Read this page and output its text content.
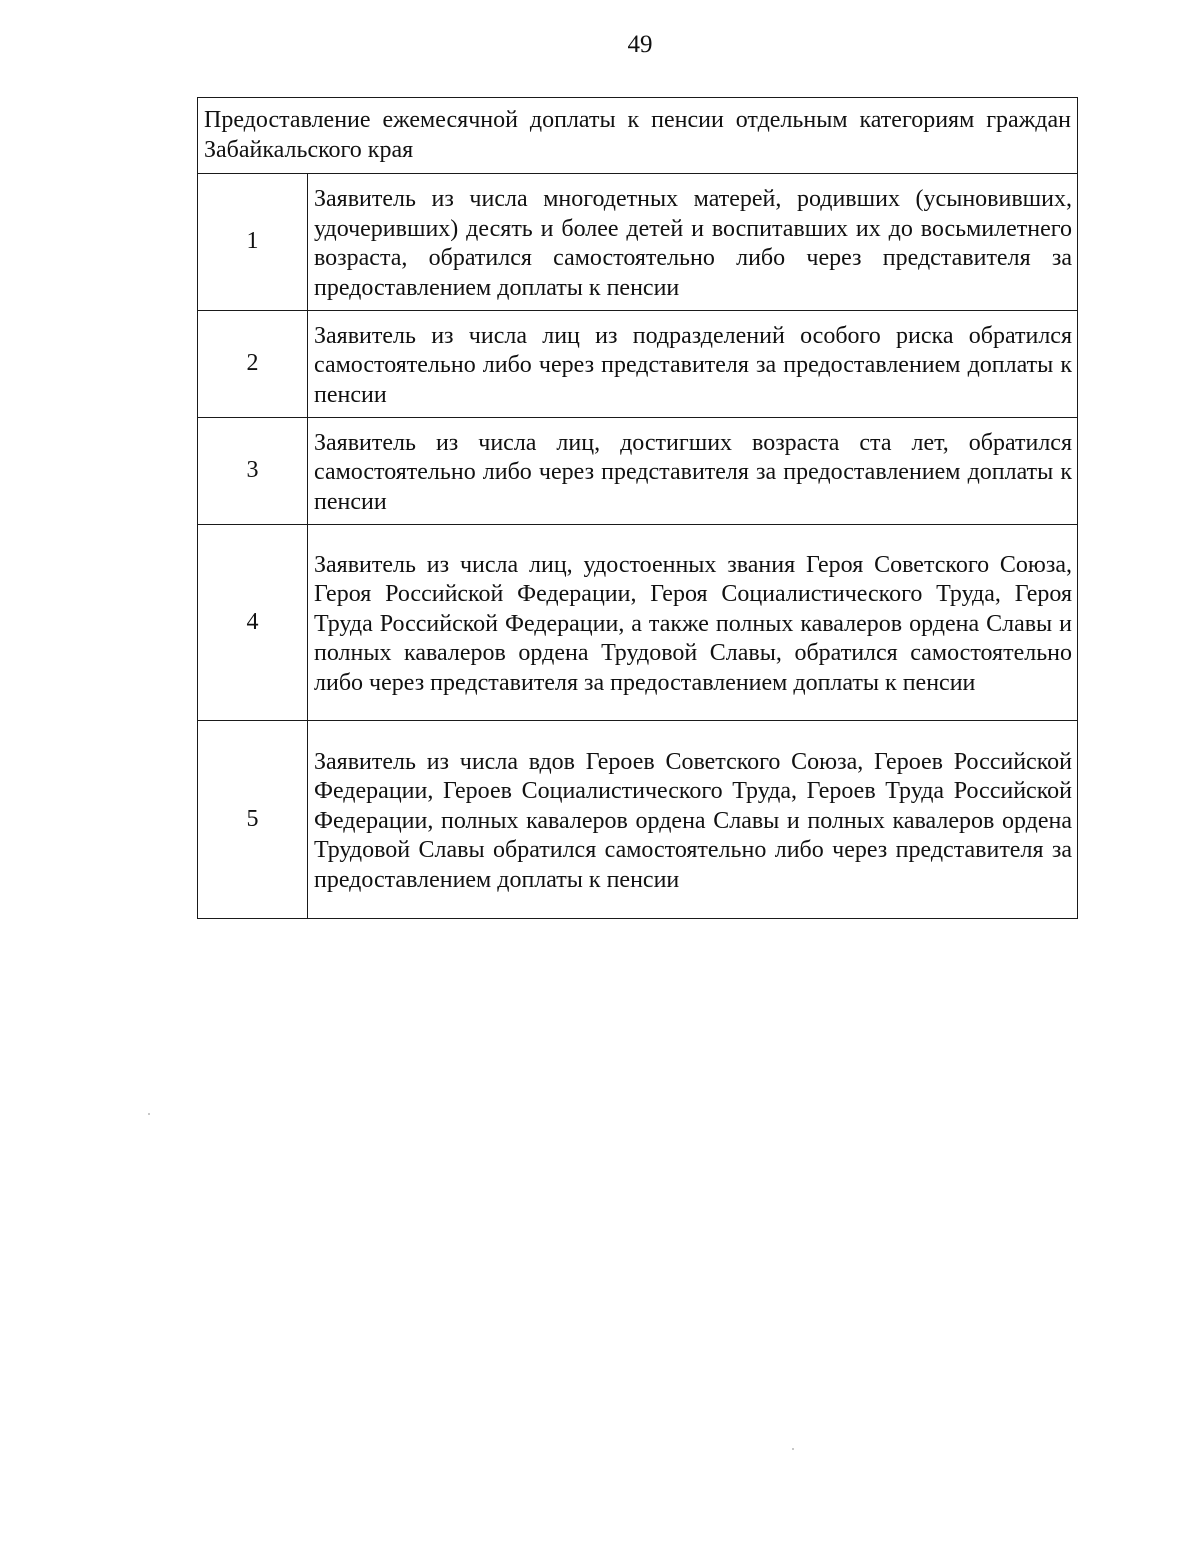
49
Предоставление ежемесячной доплаты к пенсии отдельным категориям граждан Забайкальского края	
1	Заявитель из числа многодетных матерей, родивших (усыновивших, удочеривших) десять и более детей и воспитавших их до восьмилетнего возраста, обратился самостоятельно либо через представителя за предоставлением доплаты к пенсии
2	Заявитель из числа лиц из подразделений особого риска обратился самостоятельно либо через представителя за предоставлением доплаты к пенсии
3	Заявитель из числа лиц, достигших возраста ста лет, обратился самостоятельно либо через представителя за предоставлением доплаты к пенсии
4	Заявитель из числа лиц, удостоенных звания Героя Советского Союза, Героя Российской Федерации, Героя Социалистического Труда, Героя Труда Российской Федерации, а также полных кавалеров ордена Славы и полных кавалеров ордена Трудовой Славы, обратился самостоятельно либо через представителя за предоставлением доплаты к пенсии
5	Заявитель из числа вдов Героев Советского Союза, Героев Российской Федерации, Героев Социалистического Труда, Героев Труда Российской Федерации, полных кавалеров ордена Славы и полных кавалеров ордена Трудовой Славы обратился самостоятельно либо через представителя за предоставлением доплаты к пенсии
